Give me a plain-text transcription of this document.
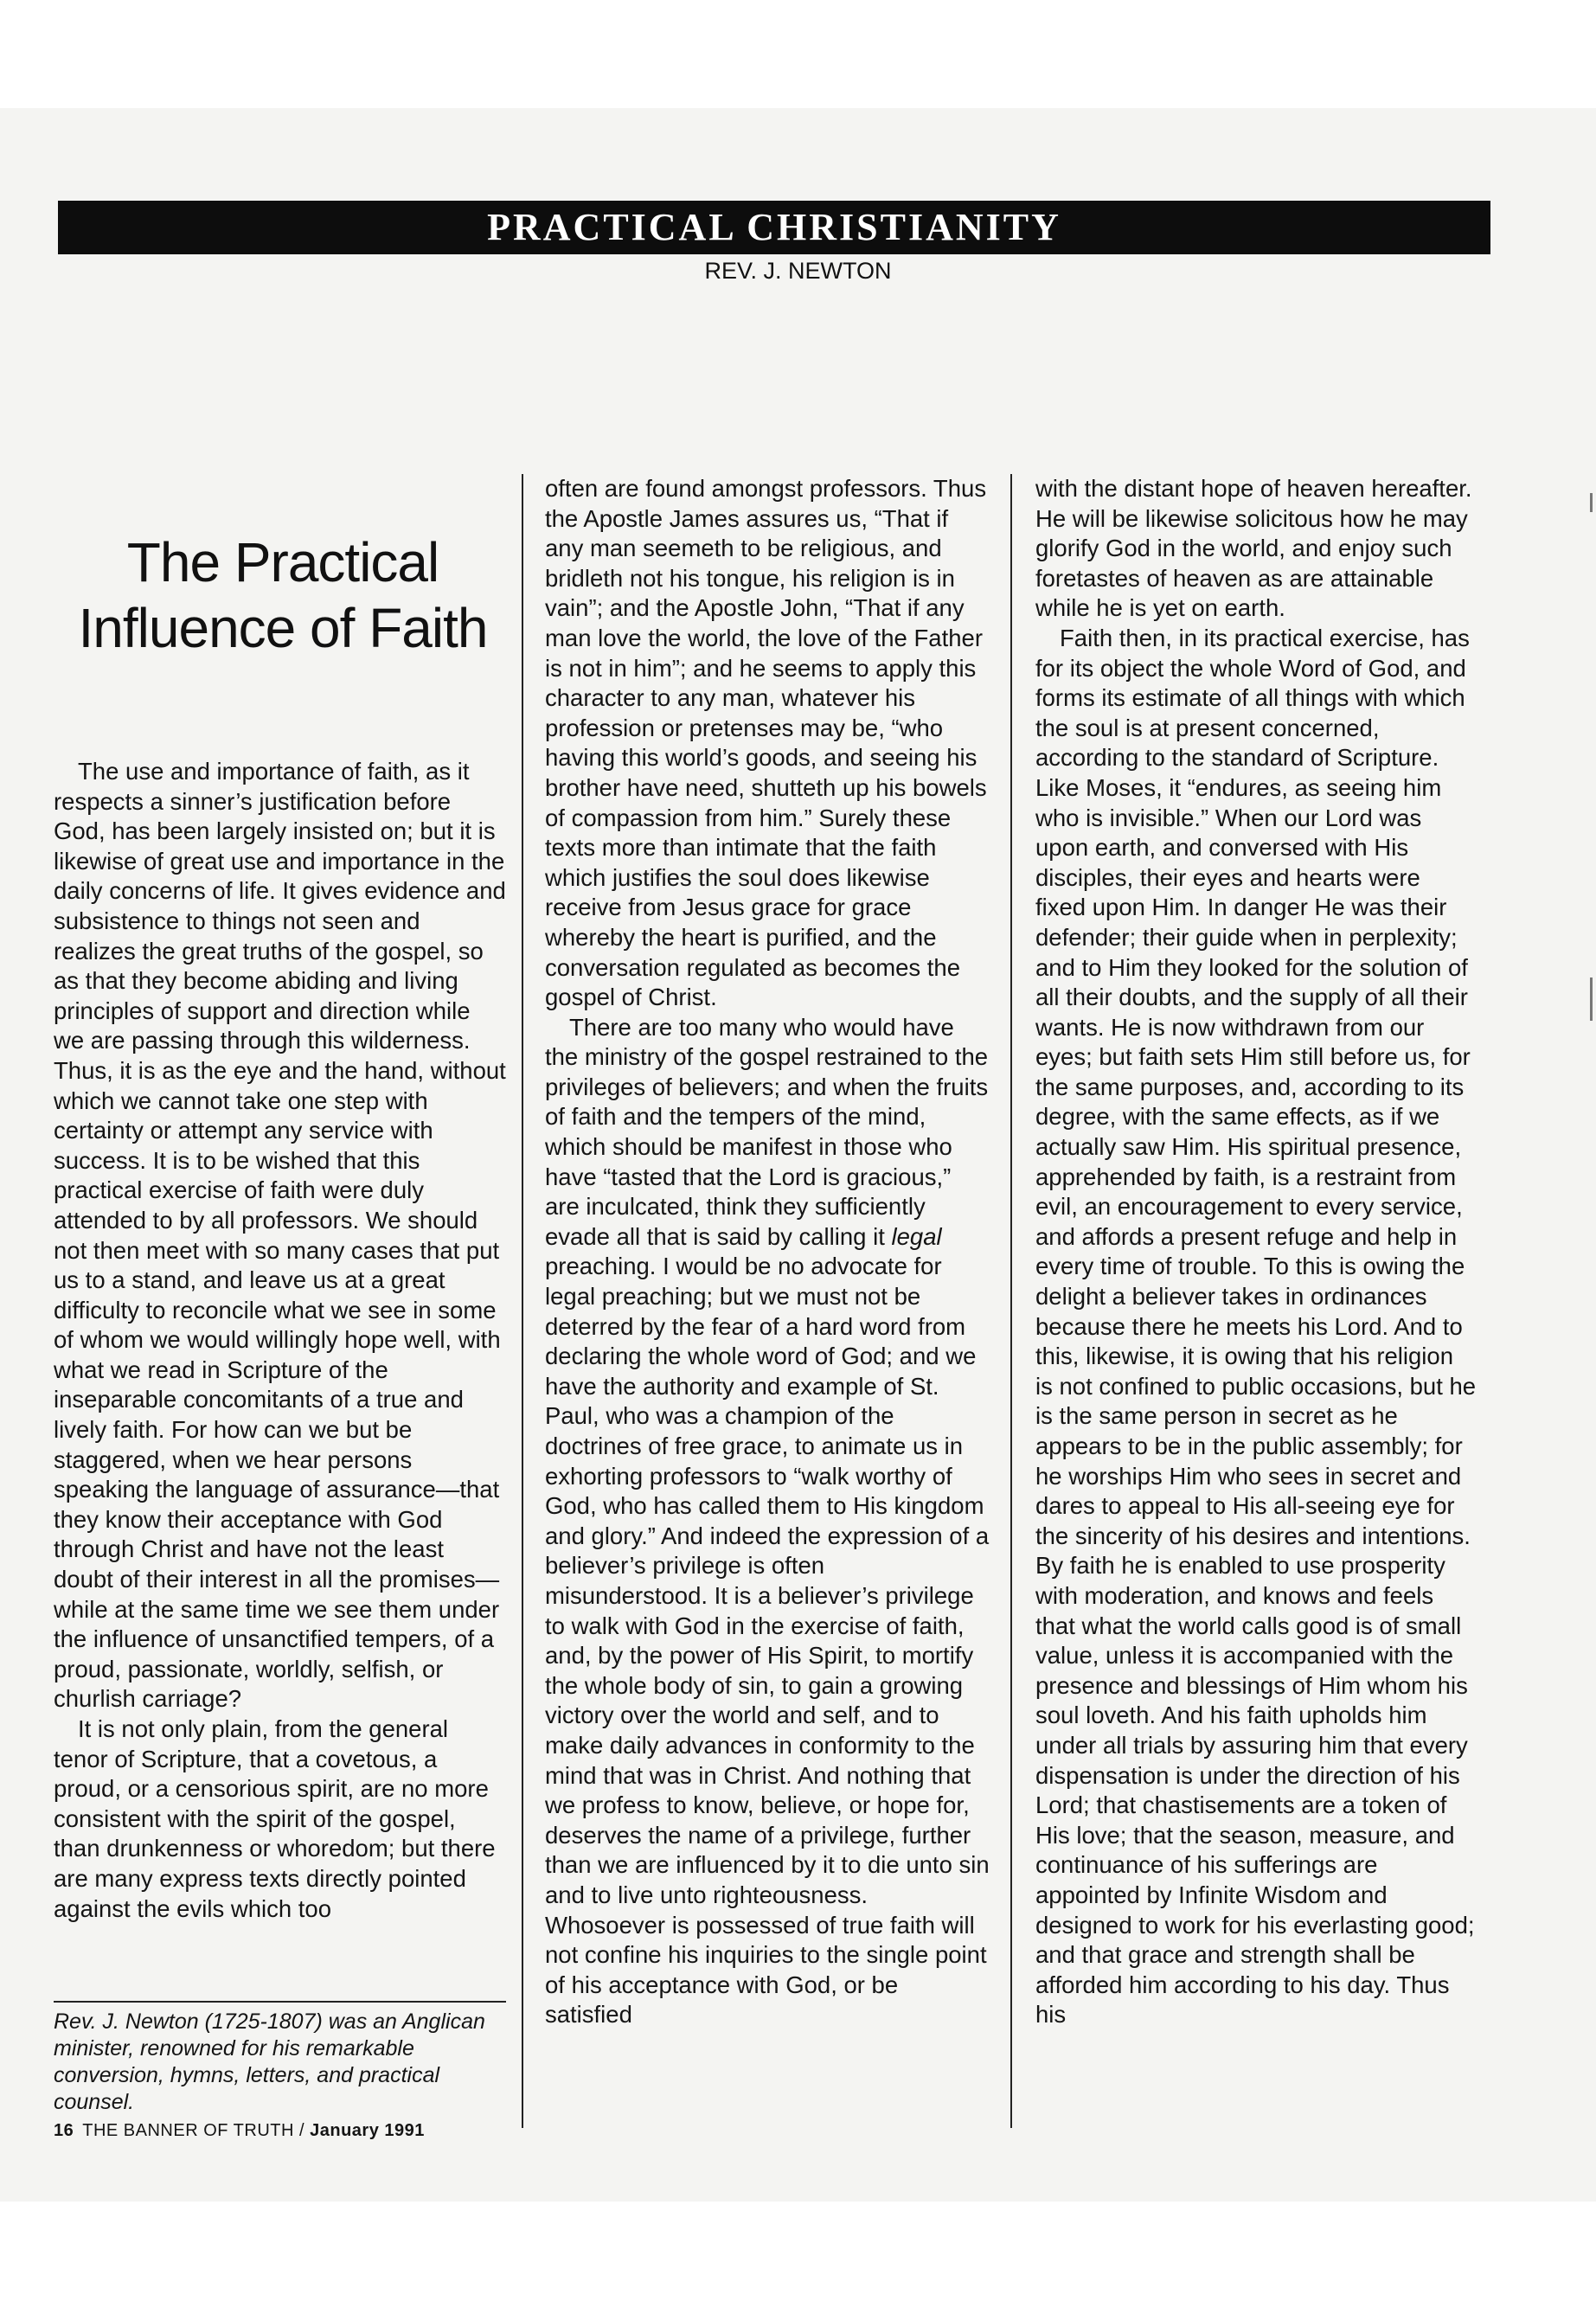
PRACTICAL CHRISTIANITY
REV. J. NEWTON
The Practical
Influence of Faith

The use and importance of faith, as it respects a sinner’s justification before God, has been largely insisted on; but it is likewise of great use and importance in the daily concerns of life. It gives evidence and subsistence to things not seen and realizes the great truths of the gospel, so as that they become abiding and living principles of support and direction while we are passing through this wilderness. Thus, it is as the eye and the hand, without which we cannot take one step with certainty or attempt any service with success. It is to be wished that this practical exercise of faith were duly attended to by all professors. We should not then meet with so many cases that put us to a stand, and leave us at a great difficulty to reconcile what we see in some of whom we would willingly hope well, with what we read in Scripture of the inseparable concomitants of a true and lively faith. For how can we but be staggered, when we hear persons speaking the language of assurance—that they know their acceptance with God through Christ and have not the least doubt of their interest in all the promises—while at the same time we see them under the influence of unsanctified tempers, of a proud, passionate, worldly, selfish, or churlish carriage?

It is not only plain, from the general tenor of Scripture, that a covetous, a proud, or a censorious spirit, are no more consistent with the spirit of the gospel, than drunkenness or whoredom; but there are many express texts directly pointed against the evils which too

Rev. J. Newton (1725-1807) was an Anglican minister, renowned for his remarkable conversion, hymns, letters, and practical counsel.

often are found amongst professors. Thus the Apostle James assures us, “That if any man seemeth to be religious, and bridleth not his tongue, his religion is in vain”; and the Apostle John, “That if any man love the world, the love of the Father is not in him”; and he seems to apply this character to any man, whatever his profession or pretenses may be, “who having this world’s goods, and seeing his brother have need, shutteth up his bowels of compassion from him.” Surely these texts more than intimate that the faith which justifies the soul does likewise receive from Jesus grace for grace whereby the heart is purified, and the conversation regulated as becomes the gospel of Christ.

There are too many who would have the ministry of the gospel restrained to the privileges of believers; and when the fruits of faith and the tempers of the mind, which should be manifest in those who have “tasted that the Lord is gracious,” are inculcated, think they sufficiently evade all that is said by calling it legal preaching. I would be no advocate for legal preaching; but we must not be deterred by the fear of a hard word from declaring the whole word of God; and we have the authority and example of St. Paul, who was a champion of the doctrines of free grace, to animate us in exhorting professors to “walk worthy of God, who has called them to His kingdom and glory.” And indeed the expression of a believer’s privilege is often misunderstood. It is a believer’s privilege to walk with God in the exercise of faith, and, by the power of His Spirit, to mortify the whole body of sin, to gain a growing victory over the world and self, and to make daily advances in conformity to the mind that was in Christ. And nothing that we profess to know, believe, or hope for, deserves the name of a privilege, further than we are influenced by it to die unto sin and to live unto righteousness. Whosoever is possessed of true faith will not confine his inquiries to the single point of his acceptance with God, or be satisfied

with the distant hope of heaven hereafter. He will be likewise solicitous how he may glorify God in the world, and enjoy such foretastes of heaven as are attainable while he is yet on earth.

Faith then, in its practical exercise, has for its object the whole Word of God, and forms its estimate of all things with which the soul is at present concerned, according to the standard of Scripture. Like Moses, it “endures, as seeing him who is invisible.” When our Lord was upon earth, and conversed with His disciples, their eyes and hearts were fixed upon Him. In danger He was their defender; their guide when in perplexity; and to Him they looked for the solution of all their doubts, and the supply of all their wants. He is now withdrawn from our eyes; but faith sets Him still before us, for the same purposes, and, according to its degree, with the same effects, as if we actually saw Him. His spiritual presence, apprehended by faith, is a restraint from evil, an encouragement to every service, and affords a present refuge and help in every time of trouble. To this is owing the delight a believer takes in ordinances because there he meets his Lord. And to this, likewise, it is owing that his religion is not confined to public occasions, but he is the same person in secret as he appears to be in the public assembly; for he worships Him who sees in secret and dares to appeal to His all-seeing eye for the sincerity of his desires and intentions. By faith he is enabled to use prosperity with moderation, and knows and feels that what the world calls good is of small value, unless it is accompanied with the presence and blessings of Him whom his soul loveth. And his faith upholds him under all trials by assuring him that every dispensation is under the direction of his Lord; that chastisements are a token of His love; that the season, measure, and continuance of his sufferings are appointed by Infinite Wisdom and designed to work for his everlasting good; and that grace and strength shall be afforded him according to his day. Thus his

16 THE BANNER OF TRUTH / January 1991
